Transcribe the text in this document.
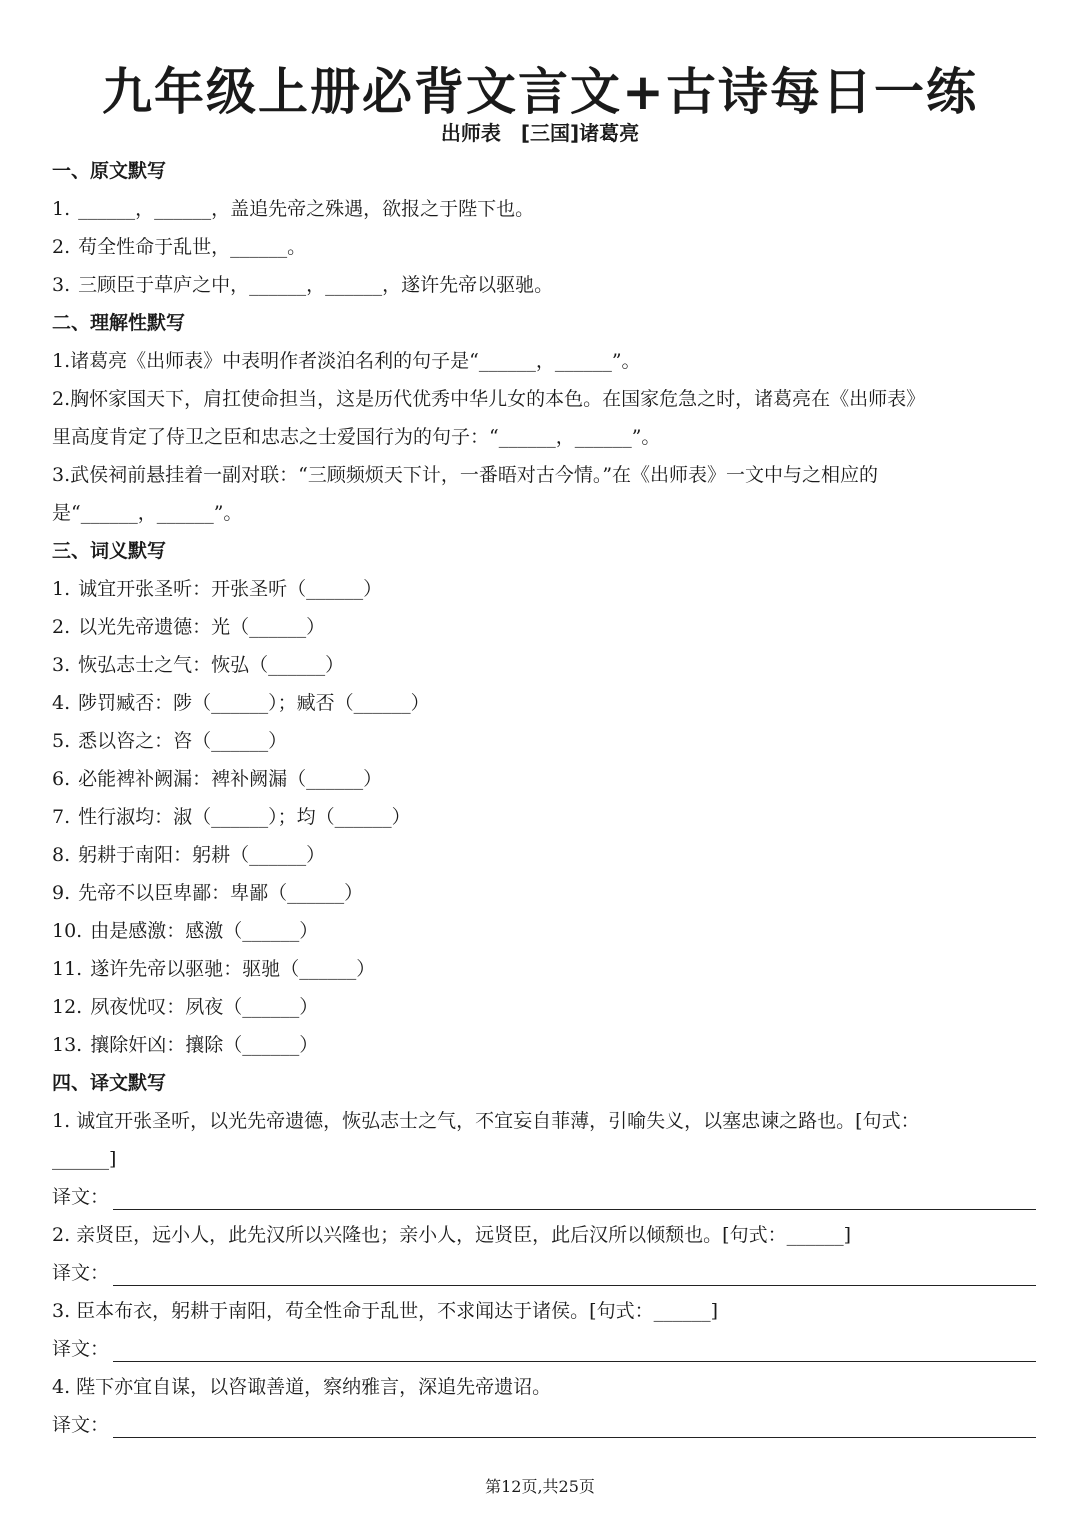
九年级上册必背文言文+古诗每日一练
出师表　[三国]诸葛亮
一、原文默写
1. ______，______，盖追先帝之殊遇，欲报之于陛下也。
2. 苟全性命于乱世，______。
3. 三顾臣于草庐之中，______，______，遂许先帝以驱驰。
二、理解性默写
1.诸葛亮《出师表》中表明作者淡泊名利的句子是“______，______”。
2.胸怀家国天下，肩扛使命担当，这是历代优秀中华儿女的本色。在国家危急之时，诸葛亮在《出师表》
里高度肯定了侍卫之臣和忠志之士爱国行为的句子：“______，______”。
3.武侯祠前悬挂着一副对联：“三顾频烦天下计，一番晤对古今情。”在《出师表》一文中与之相应的
是“______，______”。
三、词义默写
1. 诚宜开张圣听：开张圣听（______）
2. 以光先帝遗德：光（______）
3. 恢弘志士之气：恢弘（______）
4. 陟罚臧否：陟（______）；臧否（______）
5. 悉以咨之：咨（______）
6. 必能裨补阙漏：裨补阙漏（______）
7. 性行淑均：淑（______）；均（______）
8. 躬耕于南阳：躬耕（______）
9. 先帝不以臣卑鄙：卑鄙（______）
10. 由是感激：感激（______）
11. 遂许先帝以驱驰：驱驰（______）
12. 夙夜忧叹：夙夜（______）
13. 攘除奸凶：攘除（______）
四、译文默写
1. 诚宜开张圣听，以光先帝遗德，恢弘志士之气，不宜妄自菲薄，引喻失义，以塞忠谏之路也。[句式：
______]
译文：
2. 亲贤臣，远小人，此先汉所以兴隆也；亲小人，远贤臣，此后汉所以倾颓也。[句式：______]
译文：
3. 臣本布衣，躬耕于南阳，苟全性命于乱世，不求闻达于诸侯。[句式：______]
译文：
4. 陛下亦宜自谋，以咨诹善道，察纳雅言，深追先帝遗诏。
译文：
第12页,共25页
